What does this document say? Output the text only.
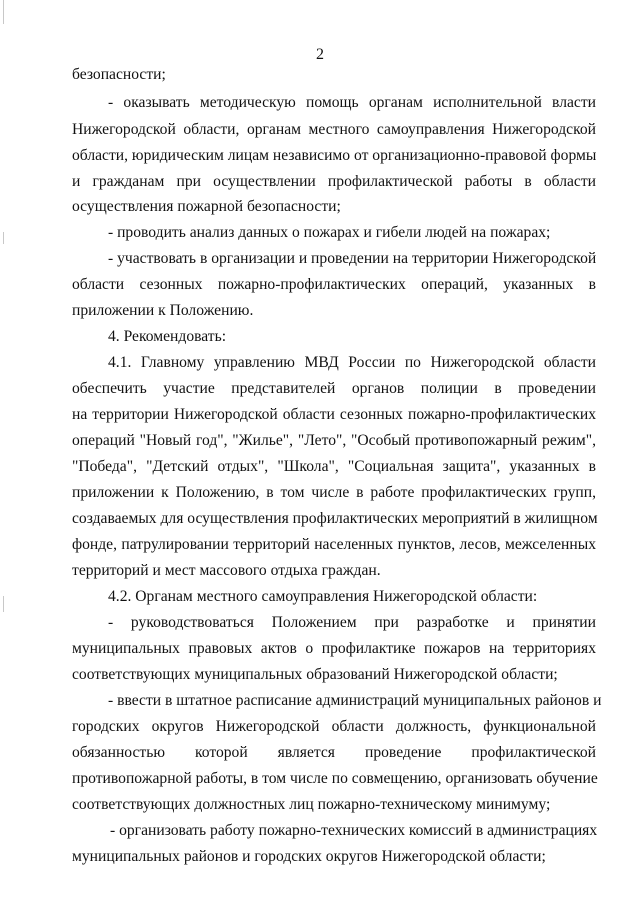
2
безопасности;
- оказывать методическую помощь органам исполнительной власти
Нижегородской области, органам местного самоуправления Нижегородской
области, юридическим лицам независимо от организационно-правовой формы
и гражданам при осуществлении профилактической работы в области
осуществления пожарной безопасности;
- проводить анализ данных о пожарах и гибели людей на пожарах;
- участвовать в организации и проведении на территории Нижегородской
области сезонных пожарно-профилактических операций, указанных в
приложении к Положению.
4. Рекомендовать:
4.1. Главному управлению МВД России по Нижегородской области
обеспечить участие представителей органов полиции в проведении
на территории Нижегородской области сезонных пожарно-профилактических
операций "Новый год", "Жилье", "Лето", "Особый противопожарный режим",
"Победа", "Детский отдых", "Школа", "Социальная защита", указанных в
приложении к Положению, в том числе в работе профилактических групп,
создаваемых для осуществления профилактических мероприятий в жилищном
фонде, патрулировании территорий населенных пунктов, лесов, межселенных
территорий и мест массового отдыха граждан.
4.2. Органам местного самоуправления Нижегородской области:
- руководствоваться Положением при разработке и принятии
муниципальных правовых актов о профилактике пожаров на территориях
соответствующих муниципальных образований Нижегородской области;
- ввести в штатное расписание администраций муниципальных районов и
городских округов Нижегородской области должность, функциональной
обязанностью которой является проведение профилактической
противопожарной работы, в том числе по совмещению, организовать обучение
соответствующих должностных лиц пожарно-техническому минимуму;
- организовать работу пожарно-технических комиссий в администрациях
муниципальных районов и городских округов Нижегородской области;
